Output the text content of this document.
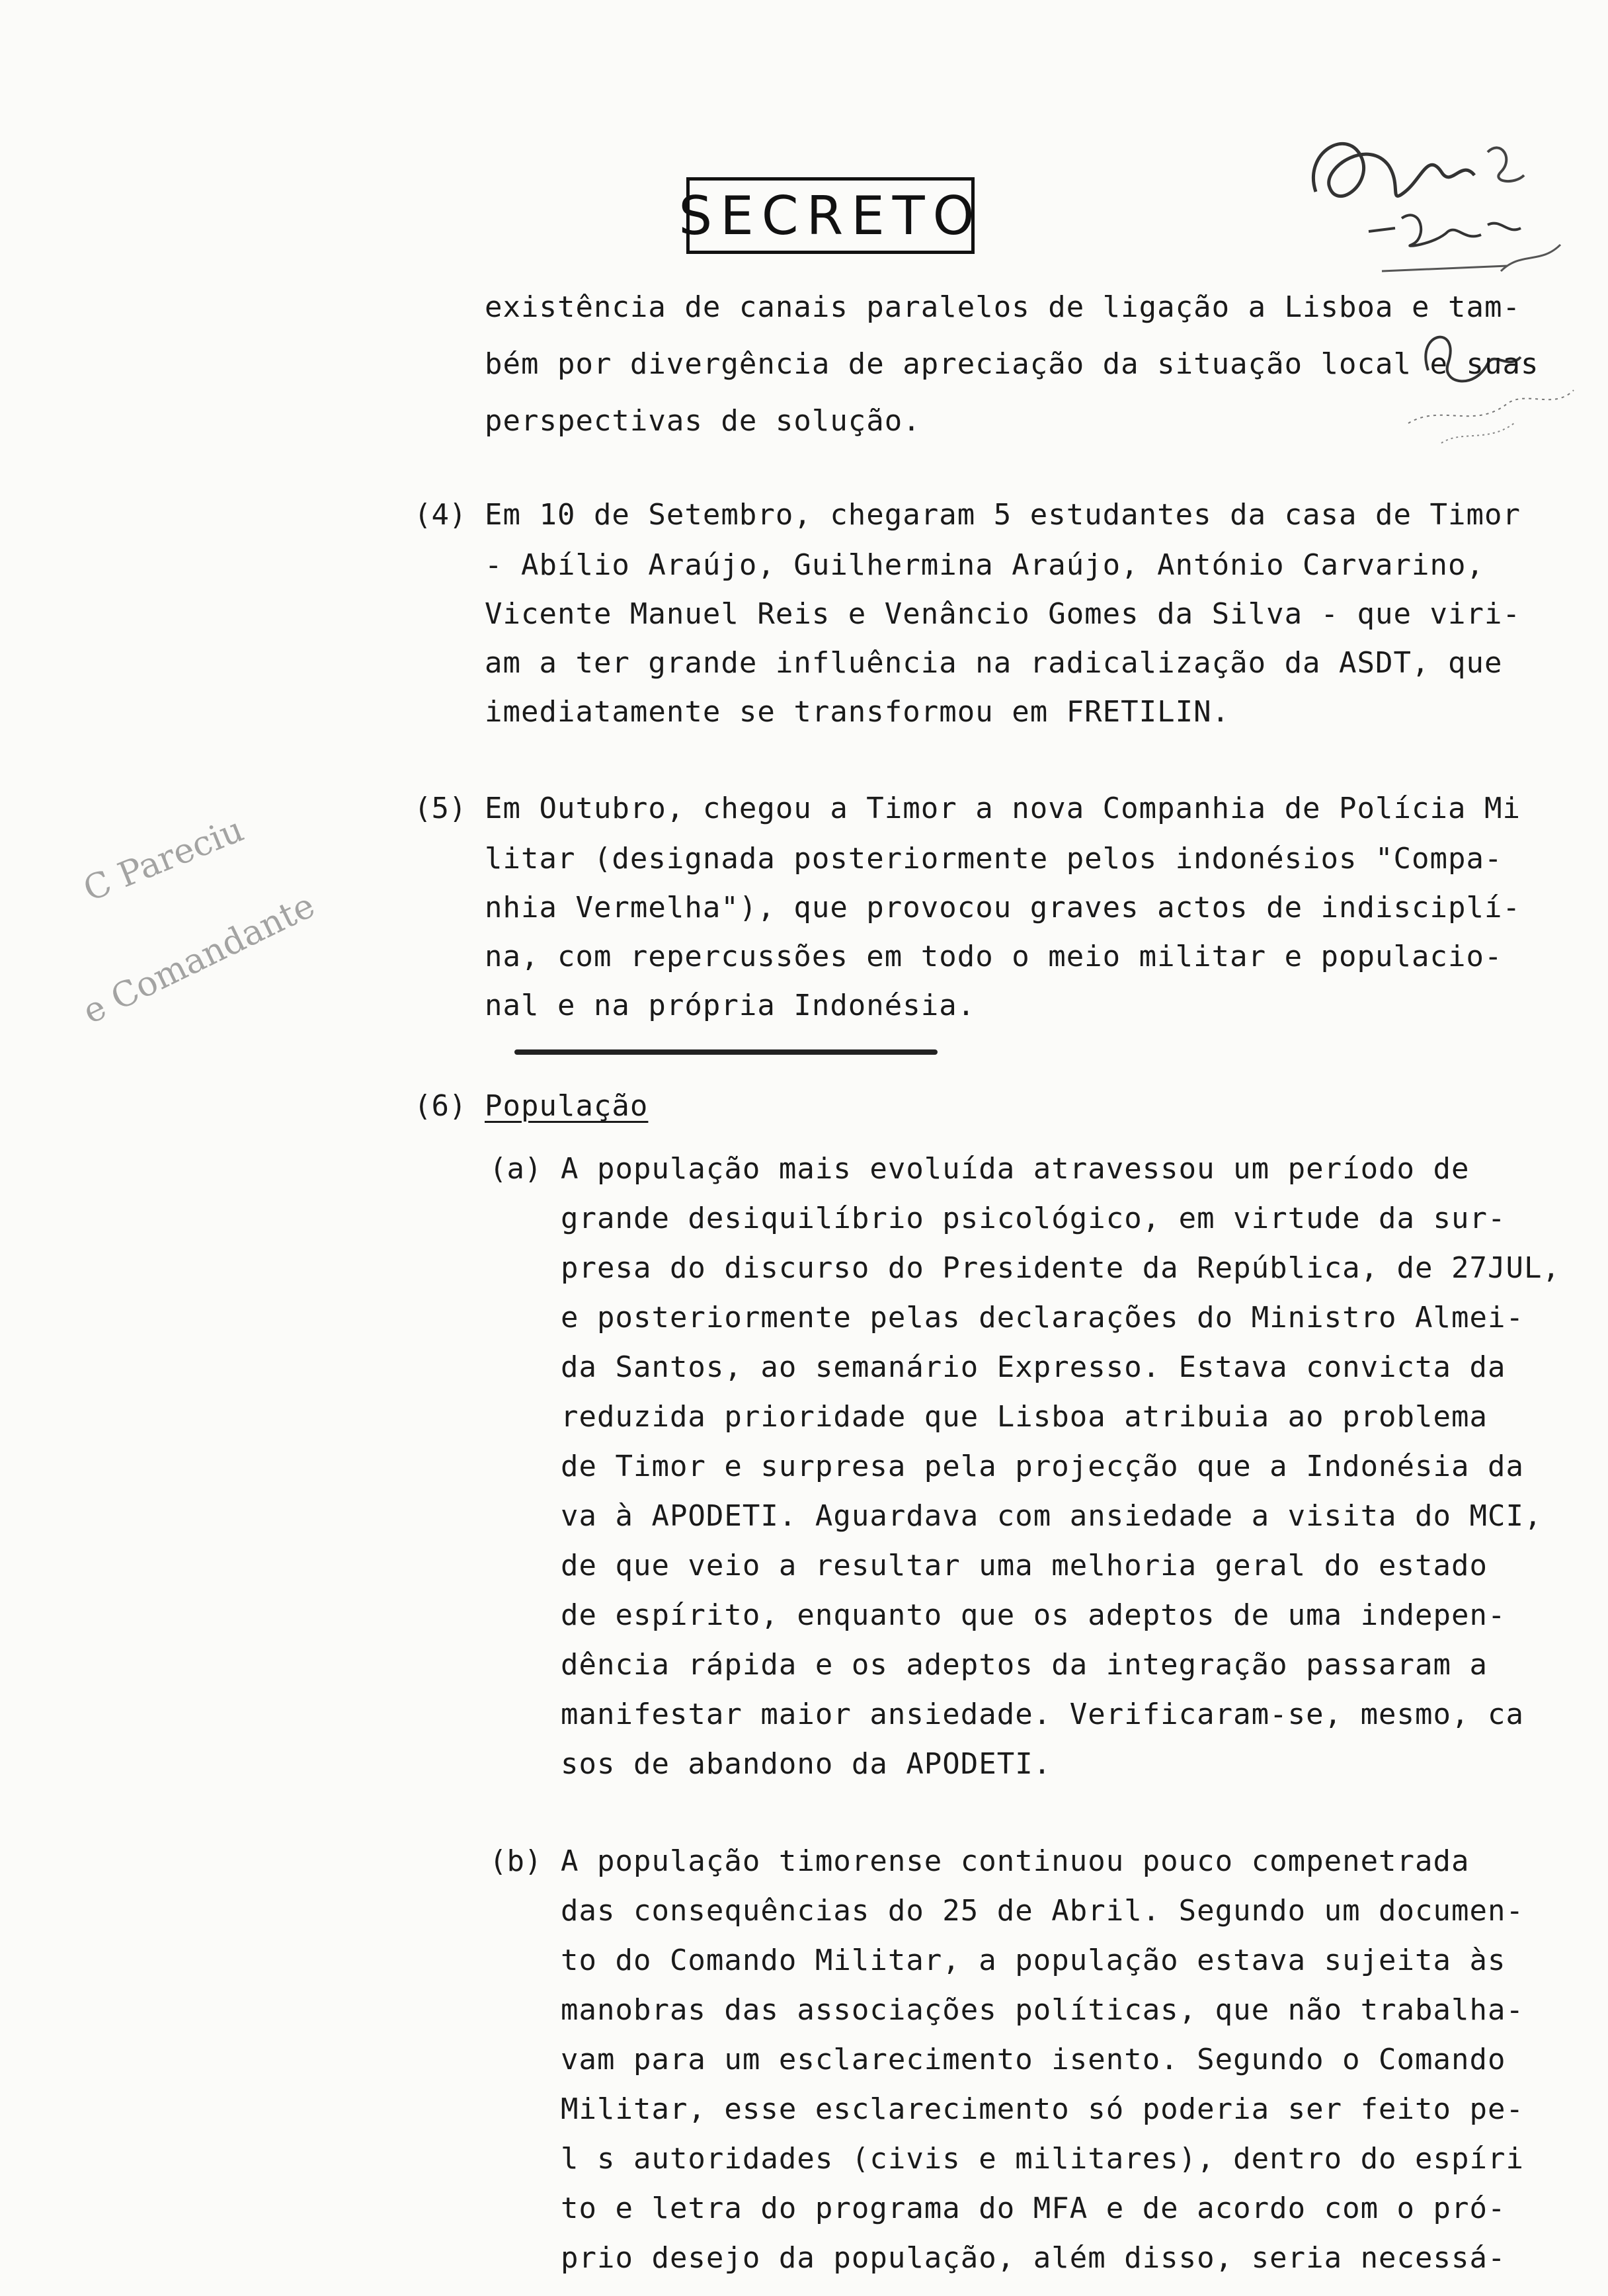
SECRETO
existência de canais paralelos de ligação a Lisboa e tam-
bém por divergência de apreciação da situação local e suas
perspectivas de solução.
(4) Em 10 de Setembro, chegaram 5 estudantes da casa de Timor
- Abílio Araújo, Guilhermina Araújo, António Carvarino,
Vicente Manuel Reis e Venâncio Gomes da Silva - que viri-
am a ter grande influência na radicalização da ASDT, que
imediatamente se transformou em FRETILIN.
(5) Em Outubro, chegou a Timor a nova Companhia de Polícia Mi
litar (designada posteriormente pelos indonésios "Compa-
nhia Vermelha"), que provocou graves actos de indisciplí-
na, com repercussões em todo o meio militar e populacio-
nal e na própria Indonésia.
(6) População
(a) A população mais evoluída atravessou um período de
grande desiquilíbrio psicológico, em virtude da sur-
presa do discurso do Presidente da República, de 27JUL,
e posteriormente pelas declarações do Ministro Almei-
da Santos, ao semanário Expresso. Estava convicta da
reduzida prioridade que Lisboa atribuia ao problema
de Timor e surpresa pela projecção que a Indonésia da
va à APODETI. Aguardava com ansiedade a visita do MCI,
de que veio a resultar uma melhoria geral do estado
de espírito, enquanto que os adeptos de uma indepen-
dência rápida e os adeptos da integração passaram a
manifestar maior ansiedade. Verificaram-se, mesmo, ca
sos de abandono da APODETI.
(b) A população timorense continuou pouco compenetrada
das consequências do 25 de Abril. Segundo um documen-
to do Comando Militar, a população estava sujeita às
manobras das associações políticas, que não trabalha-
vam para um esclarecimento isento. Segundo o Comando
Militar, esse esclarecimento só poderia ser feito pe-
l s autoridades (civis e militares), dentro do espíri
to e letra do programa do MFA e de acordo com o pró-
prio desejo da população, além disso, seria necessá-
C Pareciu
e Comandante
